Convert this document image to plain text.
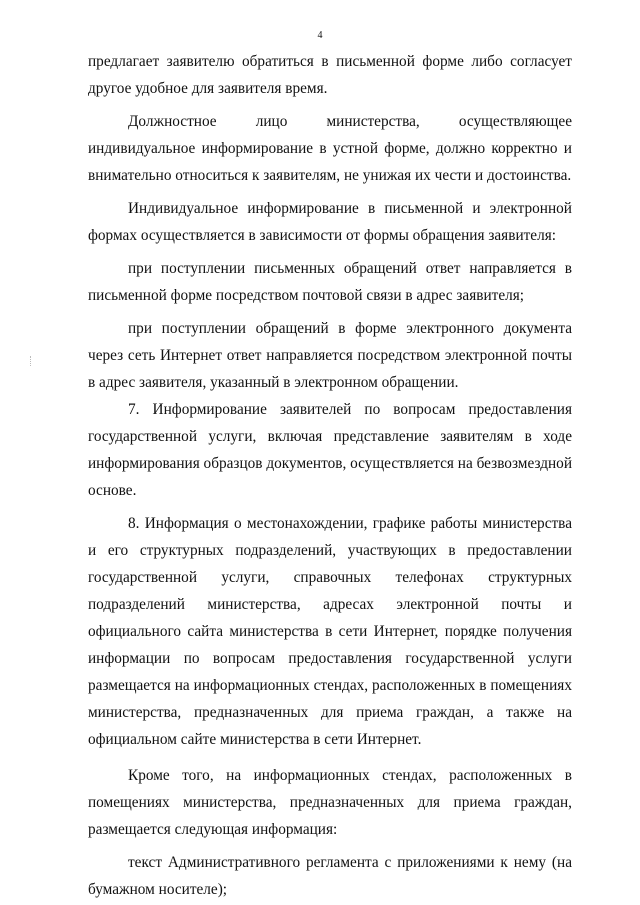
4

предлагает заявителю обратиться в письменной форме либо согласует другое удобное для заявителя время.

Должностное лицо министерства, осуществляющее индивидуальное информирование в устной форме, должно корректно и внимательно относиться к заявителям, не унижая их чести и достоинства.

Индивидуальное информирование в письменной и электронной формах осуществляется в зависимости от формы обращения заявителя:

при поступлении письменных обращений ответ направляется в письменной форме посредством почтовой связи в адрес заявителя;

при поступлении обращений в форме электронного документа через сеть Интернет ответ направляется посредством электронной почты в адрес заявителя, указанный в электронном обращении.

7. Информирование заявителей по вопросам предоставления государственной услуги, включая представление заявителям в ходе информирования образцов документов, осуществляется на безвозмездной основе.

8. Информация о местонахождении, графике работы министерства и его структурных подразделений, участвующих в предоставлении государственной услуги, справочных телефонах структурных подразделений министерства, адресах электронной почты и официального сайта министерства в сети Интернет, порядке получения информации по вопросам предоставления государственной услуги размещается на информационных стендах, расположенных в помещениях министерства, предназначенных для приема граждан, а также на официальном сайте министерства в сети Интернет.

Кроме того, на информационных стендах, расположенных в помещениях министерства, предназначенных для приема граждан, размещается следующая информация:

текст Административного регламента с приложениями к нему (на бумажном носителе);
